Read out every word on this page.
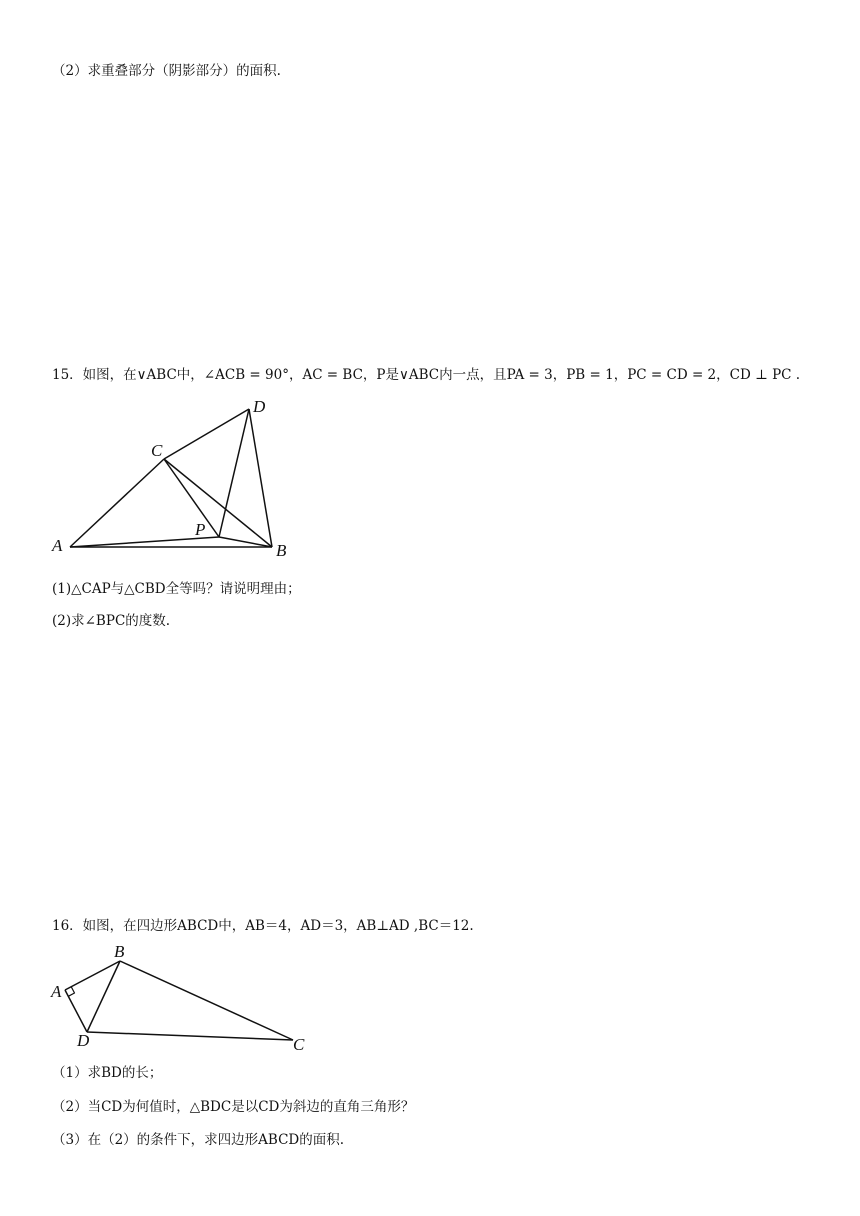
（2）求重叠部分（阴影部分）的面积.
15．如图，在∨ABC中，∠ACB = 90°，AC = BC，P是∨ABC内一点，且PA = 3，PB = 1，PC = CD = 2，CD ⊥ PC .
A	B
C
D
P
(1)△CAP与△CBD全等吗？请说明理由；
(2)求∠BPC的度数.
16．如图，在四边形ABCD中，AB＝4，AD＝3，AB⊥AD ,BC＝12.
A
B
C
D
（1）求BD的长；
（2）当CD为何值时，△BDC是以CD为斜边的直角三角形？
（3）在（2）的条件下，求四边形ABCD的面积.
